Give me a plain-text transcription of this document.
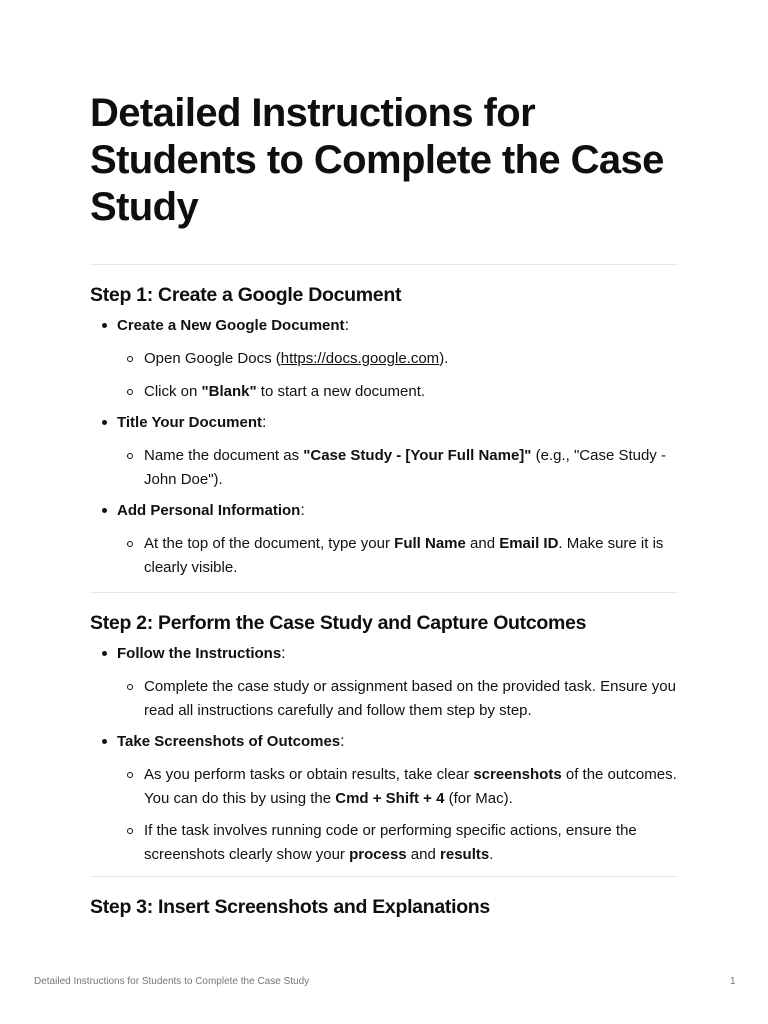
Detailed Instructions for Students to Complete the Case Study
Step 1: Create a Google Document
Create a New Google Document:
Open Google Docs (https://docs.google.com).
Click on "Blank" to start a new document.
Title Your Document:
Name the document as "Case Study - [Your Full Name]" (e.g., "Case Study - John Doe").
Add Personal Information:
At the top of the document, type your Full Name and Email ID. Make sure it is clearly visible.
Step 2: Perform the Case Study and Capture Outcomes
Follow the Instructions:
Complete the case study or assignment based on the provided task. Ensure you read all instructions carefully and follow them step by step.
Take Screenshots of Outcomes:
As you perform tasks or obtain results, take clear screenshots of the outcomes. You can do this by using the Cmd + Shift + 4 (for Mac).
If the task involves running code or performing specific actions, ensure the screenshots clearly show your process and results.
Step 3: Insert Screenshots and Explanations
Detailed Instructions for Students to Complete the Case Study	1
